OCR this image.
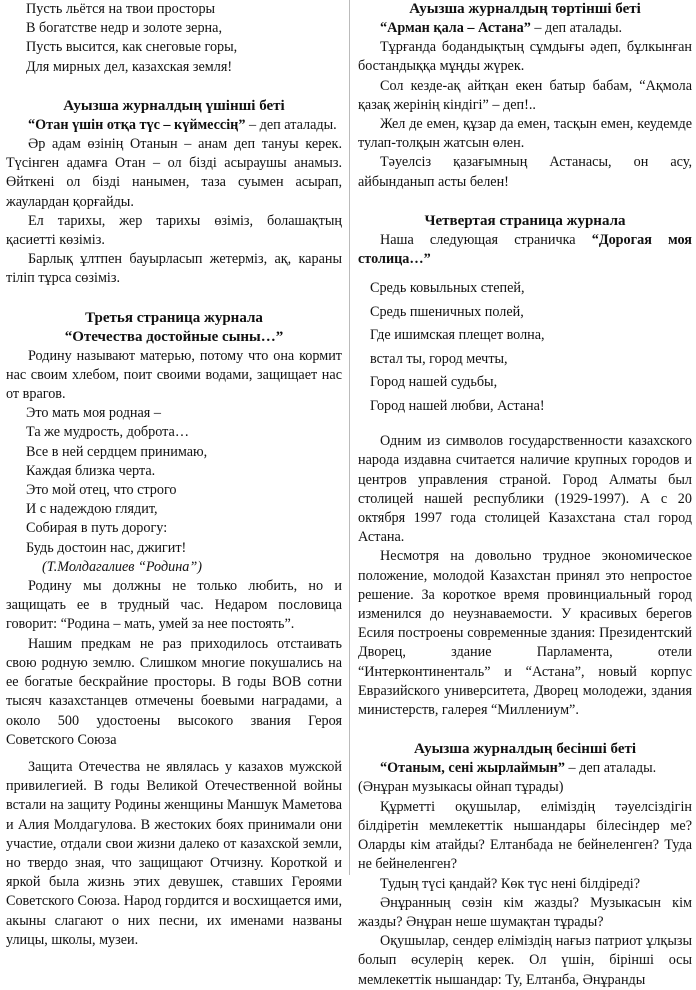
Пусть льётся на твои просторы

В богатстве недр и золоте зерна,

Пусть высится, как снеговые горы,

Для мирных дел, казахская земля!

Ауызша журналдың үшінші беті

“Отан үшін отқа түс – күймессің” – деп аталады.

Әр адам өзінің Отанын – анам деп тануы керек. Түсінген адамға Отан – ол бізді асыраушы анамыз. Өйткені ол бізді нанымен, таза суымен асырап, жаулардан қорғайды.

Ел тарихы, жер тарихы өзіміз, болашақтың қасиетті көзіміз.

Барлық ұлтпен бауырласып жетерміз, ақ, караны тіліп тұрса сөзіміз.

Третья страница журнала

“Отечества достойные сыны…”

Родину называют матерью, потому что она кормит нас своим хлебом, поит своими водами, защищает нас от врагов.

Это мать моя родная –

Та же мудрость, доброта…

Все в ней сердцем принимаю,

Каждая близка черта.

Это мой отец, что строго

И с надеждою глядит,

Собирая в путь дорогу:

Будь достоин нас, джигит!

(Т.Молдагалиев “Родина”)

Родину мы должны не только любить, но и защищать ее в трудный час. Недаром пословица говорит: “Родина – мать, умей за нее постоять”.

Нашим предкам не раз приходилось отстаивать свою родную землю. Слишком многие покушались на ее богатые бескрайние просторы. В годы ВОВ сотни тысяч казахстанцев отмечены боевыми наградами, а около 500 удостоены высокого звания Героя Советского Союза

Защита Отечества не являлась у казахов мужской привилегией. В годы Великой Отечественной войны встали на защиту Родины женщины Маншук Маметова и Алия Молдагулова. В жестоких боях принимали они участие, отдали свои жизни далеко от казахской земли, но твердо зная, что защищают Отчизну. Короткой и яркой была жизнь этих девушек, ставших Героями Советского Союза. Народ гордится и восхищается ими, акыны слагают о них песни, их именами названы улицы, школы, музеи.

Ауызша журналдың төртінші беті

“Арман қала – Астана” – деп аталады.

Тұрғанда бодандықтың сұмдығы әдеп, бұлкынған бостандыққа мұңды жүрек.

Сол кезде-ақ айтқан екен батыр бабам, “Ақмола қазақ жерінің кіндігі” – деп!..

Жел де емен, құзар да емен, тасқын емен, кеудемде тулап-толқын жатсын өлен.

Тәуелсіз қазағымның Астанасы, он асу, айбынданып асты белен!

Четвертая страница журнала

Наша следующая страничка “Дорогая моя столица…”

Средь ковыльных степей,

Средь пшеничных полей,

Где ишимская плещет волна,

встал ты, город мечты,

Город нашей судьбы,

Город нашей любви, Астана!

Одним из символов государственности казахского народа издавна считается наличие крупных городов и центров управления страной. Город Алматы был столицей нашей республики (1929-1997). А с 20 октября 1997 года столицей Казахстана стал город Астана.

Несмотря на довольно трудное экономическое положение, молодой Казахстан принял это непростое решение. За короткое время провинциальный город изменился до неузнаваемости. У красивых берегов Есиля построены современные здания: Президентский Дворец, здание Парламента, отели “Интерконтиненталь” и “Астана”, новый корпус Евразийского университета, Дворец молодежи, здания министерств, галерея “Миллениум”.

Ауызша журналдың бесінші беті

“Отаным, сені жырлаймын” – деп аталады.

(Әнұран музыкасы ойнап тұрады)

Құрметті оқушылар, еліміздің тәуелсіздігін білдіретін мемлекеттік нышандары білесіндер ме? Оларды кім атайды? Елтанбада не бейнеленген? Туда не бейнеленген?

Тудың түсі қандай? Көк түс нені білдіреді?

Әнұранның сөзін кім жазды? Музыкасын кім жазды? Әнұран неше шумақтан тұрады?

Оқушылар, сендер еліміздің нағыз патриот ұлқызы болып өсулерің керек. Ол үшін, бірінші осы мемлекеттік нышандар: Ту, Елтанба, Әнұранды
